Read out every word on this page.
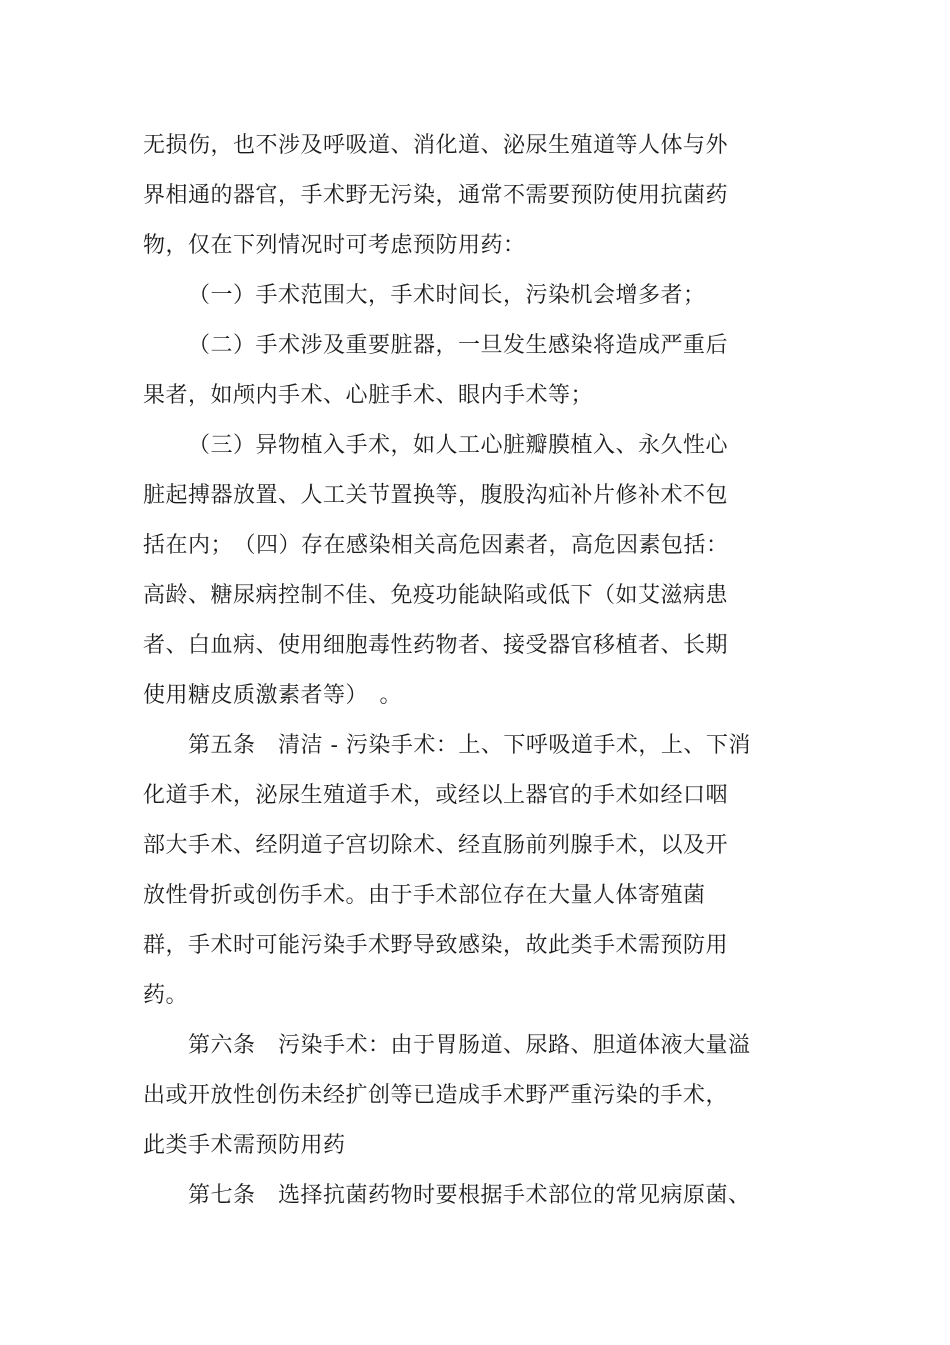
无损伤，也不涉及呼吸道、消化道、泌尿生殖道等人体与外
界相通的器官，手术野无污染，通常不需要预防使用抗菌药
物，仅在下列情况时可考虑预防用药：
（一）手术范围大，手术时间长，污染机会增多者；
（二）手术涉及重要脏器，一旦发生感染将造成严重后
果者，如颅内手术、心脏手术、眼内手术等；
（三）异物植入手术，如人工心脏瓣膜植入、永久性心
脏起搏器放置、人工关节置换等，腹股沟疝补片修补术不包
括在内；　（四）存在感染相关高危因素者，高危因素包括：
高龄、糖尿病控制不佳、免疫功能缺陷或低下（如艾滋病患
者、白血病、使用细胞毒性药物者、接受器官移植者、长期
使用糖皮质激素者等）　。
第五条　清洁 - 污染手术：上、下呼吸道手术，上、下消
化道手术，泌尿生殖道手术，或经以上器官的手术如经口咽
部大手术、经阴道子宫切除术、经直肠前列腺手术，以及开
放性骨折或创伤手术。由于手术部位存在大量人体寄殖菌
群，手术时可能污染手术野导致感染，故此类手术需预防用
药。
第六条　污染手术：由于胃肠道、尿路、胆道体液大量溢
出或开放性创伤未经扩创等已造成手术野严重污染的手术，
此类手术需预防用药
第七条　选择抗菌药物时要根据手术部位的常见病原菌、
